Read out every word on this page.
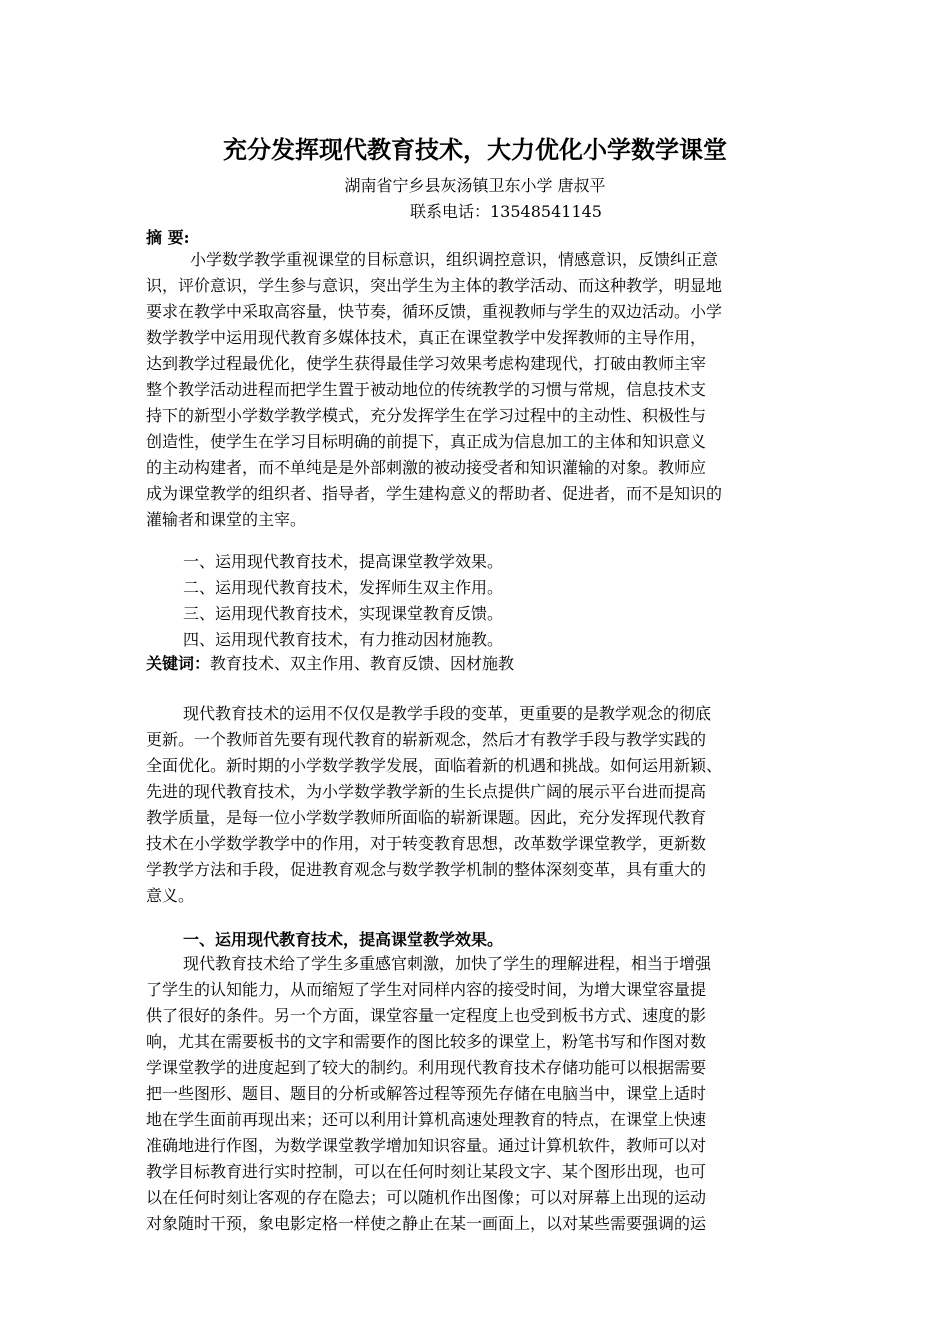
充分发挥现代教育技术，大力优化小学数学课堂
湖南省宁乡县灰汤镇卫东小学 唐叔平
联系电话：13548541145
摘 要:
小学数学教学重视课堂的目标意识，组织调控意识，情感意识，反馈纠正意
识，评价意识，学生参与意识，突出学生为主体的教学活动、而这种教学，明显地
要求在教学中采取高容量，快节奏，循环反馈，重视教师与学生的双边活动。小学
数学教学中运用现代教育多媒体技术，真正在课堂教学中发挥教师的主导作用，
达到教学过程最优化，使学生获得最佳学习效果考虑构建现代，打破由教师主宰
整个教学活动进程而把学生置于被动地位的传统教学的习惯与常规，信息技术支
持下的新型小学数学教学模式，充分发挥学生在学习过程中的主动性、积极性与
创造性，使学生在学习目标明确的前提下，真正成为信息加工的主体和知识意义
的主动构建者，而不单纯是是外部刺激的被动接受者和知识灌输的对象。教师应
成为课堂教学的组织者、指导者，学生建构意义的帮助者、促进者，而不是知识的
灌输者和课堂的主宰。
一、运用现代教育技术，提高课堂教学效果。
二、运用现代教育技术，发挥师生双主作用。
三、运用现代教育技术，实现课堂教育反馈。
四、运用现代教育技术，有力推动因材施教。
关键词：教育技术、双主作用、教育反馈、因材施教
现代教育技术的运用不仅仅是教学手段的变革，更重要的是教学观念的彻底
更新。一个教师首先要有现代教育的崭新观念，然后才有教学手段与教学实践的
全面优化。新时期的小学数学教学发展，面临着新的机遇和挑战。如何运用新颖、
先进的现代教育技术，为小学数学教学新的生长点提供广阔的展示平台进而提高
教学质量，是每一位小学数学教师所面临的崭新课题。因此，充分发挥现代教育
技术在小学数学教学中的作用，对于转变教育思想，改革数学课堂教学，更新数
学教学方法和手段，促进教育观念与数学教学机制的整体深刻变革，具有重大的
意义。
一、运用现代教育技术，提高课堂教学效果。
现代教育技术给了学生多重感官刺激，加快了学生的理解进程，相当于增强
了学生的认知能力，从而缩短了学生对同样内容的接受时间，为增大课堂容量提
供了很好的条件。另一个方面，课堂容量一定程度上也受到板书方式、速度的影
响，尤其在需要板书的文字和需要作的图比较多的课堂上，粉笔书写和作图对数
学课堂教学的进度起到了较大的制约。利用现代教育技术存储功能可以根据需要
把一些图形、题目、题目的分析或解答过程等预先存储在电脑当中，课堂上适时
地在学生面前再现出来；还可以利用计算机高速处理教育的特点，在课堂上快速
准确地进行作图，为数学课堂教学增加知识容量。通过计算机软件，教师可以对
教学目标教育进行实时控制，可以在任何时刻让某段文字、某个图形出现，也可
以在任何时刻让客观的存在隐去；可以随机作出图像；可以对屏幕上出现的运动
对象随时干预，象电影定格一样使之静止在某一画面上，以对某些需要强调的运
